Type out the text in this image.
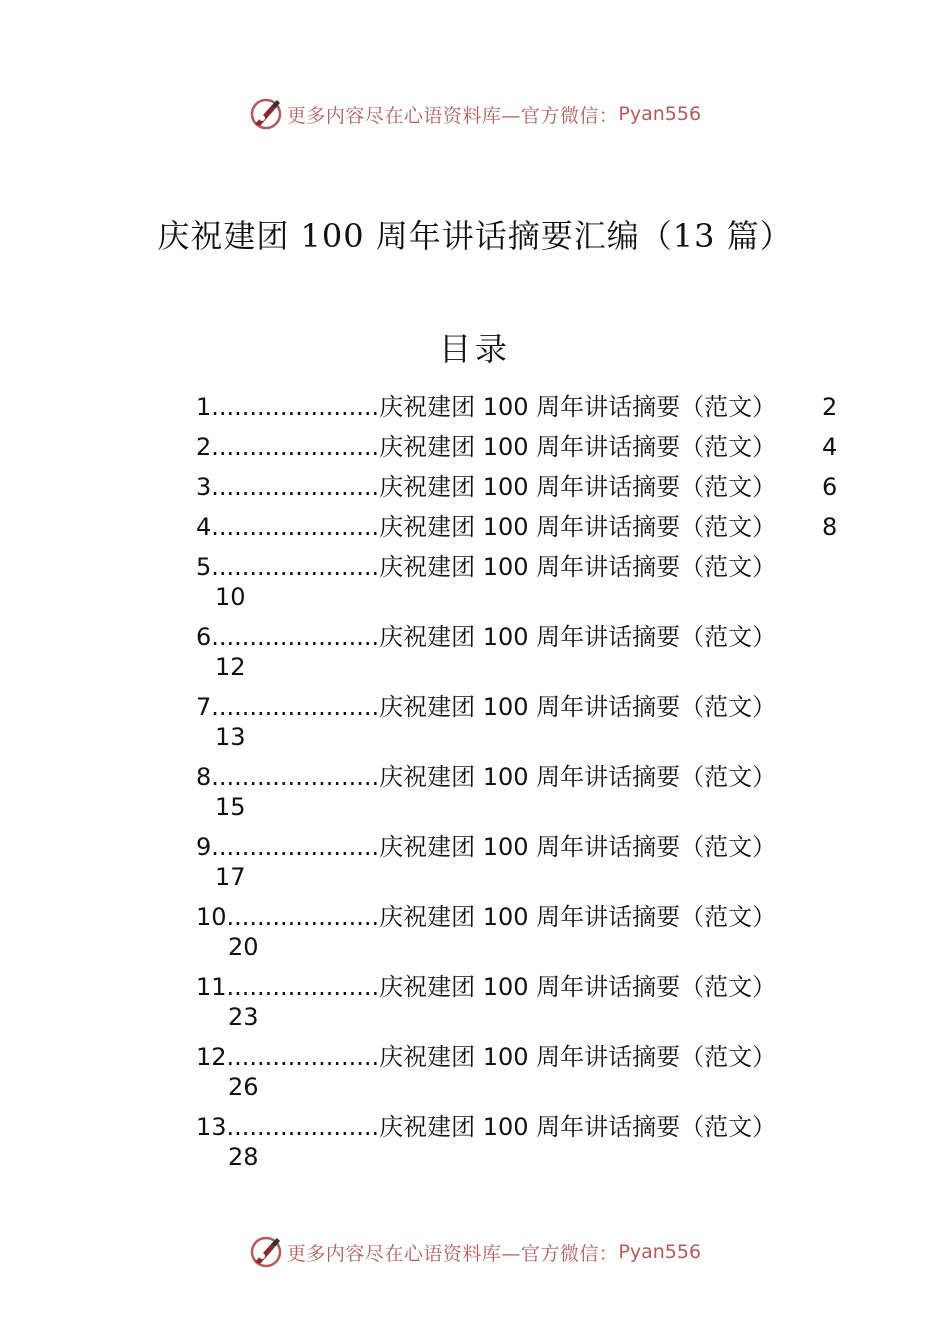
更多内容尽在心语资料库—官方微信： Pyan556
庆祝建团 100 周年讲话摘要汇编（13 篇）
目录
1......................庆祝建团 100 周年讲话摘要（范文） 2
2......................庆祝建团 100 周年讲话摘要（范文） 4
3......................庆祝建团 100 周年讲话摘要（范文） 6
4......................庆祝建团 100 周年讲话摘要（范文） 8
5......................庆祝建团 100 周年讲话摘要（范文）
10
6......................庆祝建团 100 周年讲话摘要（范文）
12
7......................庆祝建团 100 周年讲话摘要（范文）
13
8......................庆祝建团 100 周年讲话摘要（范文）
15
9......................庆祝建团 100 周年讲话摘要（范文）
17
10....................庆祝建团 100 周年讲话摘要（范文）
20
11....................庆祝建团 100 周年讲话摘要（范文）
23
12....................庆祝建团 100 周年讲话摘要（范文）
26
13....................庆祝建团 100 周年讲话摘要（范文）
28
更多内容尽在心语资料库—官方微信： Pyan556
